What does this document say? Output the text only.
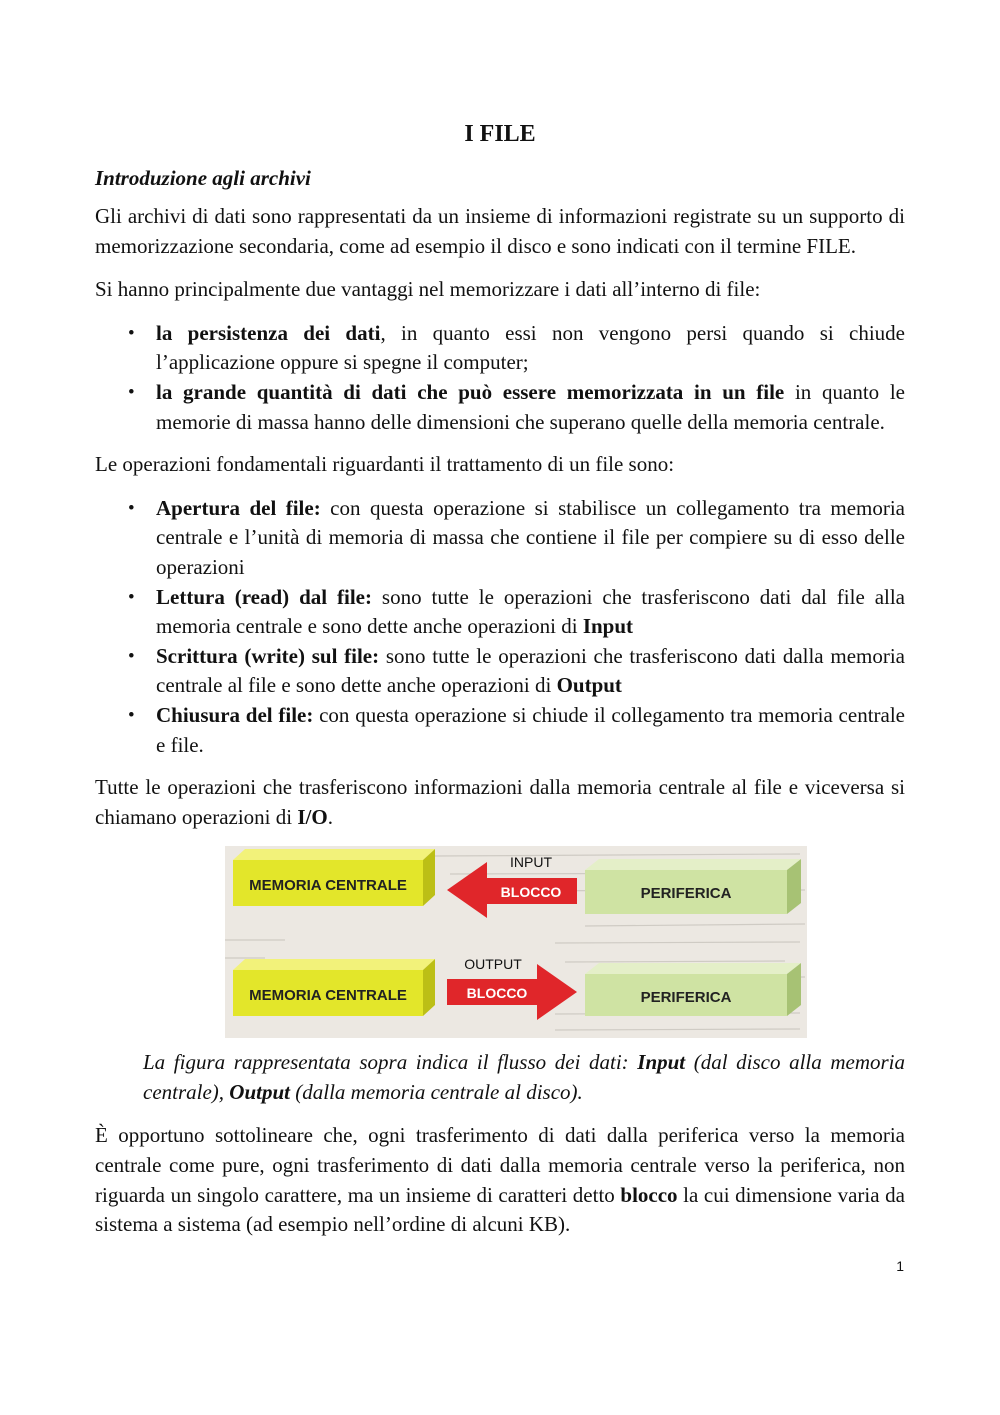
I FILE
Introduzione agli archivi

Gli archivi di dati sono rappresentati da un insieme di informazioni registrate su un supporto di memorizzazione secondaria, come ad esempio il disco e sono indicati con il termine FILE.

Si hanno principalmente due vantaggi nel memorizzare i dati all’interno di file:

• la persistenza dei dati, in quanto essi non vengono persi quando si chiude l’applicazione oppure si spegne il computer;
• la grande quantità di dati che può essere memorizzata in un file in quanto le memorie di massa hanno delle dimensioni che superano quelle della memoria centrale.

Le operazioni fondamentali riguardanti il trattamento di un file sono:

• Apertura del file: con questa operazione si stabilisce un collegamento tra memoria centrale e l’unità di memoria di massa che contiene il file per compiere su di esso delle operazioni
• Lettura (read) dal file: sono tutte le operazioni che trasferiscono dati dal file alla memoria centrale e sono dette anche operazioni di Input
• Scrittura (write) sul file: sono tutte le operazioni che trasferiscono dati dalla memoria centrale al file e sono dette anche operazioni di Output
• Chiusura del file: con questa operazione si chiude il collegamento tra memoria centrale e file.

Tutte le operazioni che trasferiscono informazioni dalla memoria centrale al file e viceversa si chiamano operazioni di I/O.

MEMORIA CENTRALE	PERIFERICA
BLOCCO
INPUT
MEMORIA CENTRALE	PERIFERICA
BLOCCO
OUTPUT

La figura rappresentata sopra indica il flusso dei dati: Input (dal disco alla memoria centrale), Output (dalla memoria centrale al disco).

È opportuno sottolineare che, ogni trasferimento di dati dalla periferica verso la memoria centrale come pure, ogni trasferimento di dati dalla memoria centrale verso la periferica, non riguarda un singolo carattere, ma un insieme di caratteri detto blocco la cui dimensione varia da sistema a sistema (ad esempio nell’ordine di alcuni KB).

1
